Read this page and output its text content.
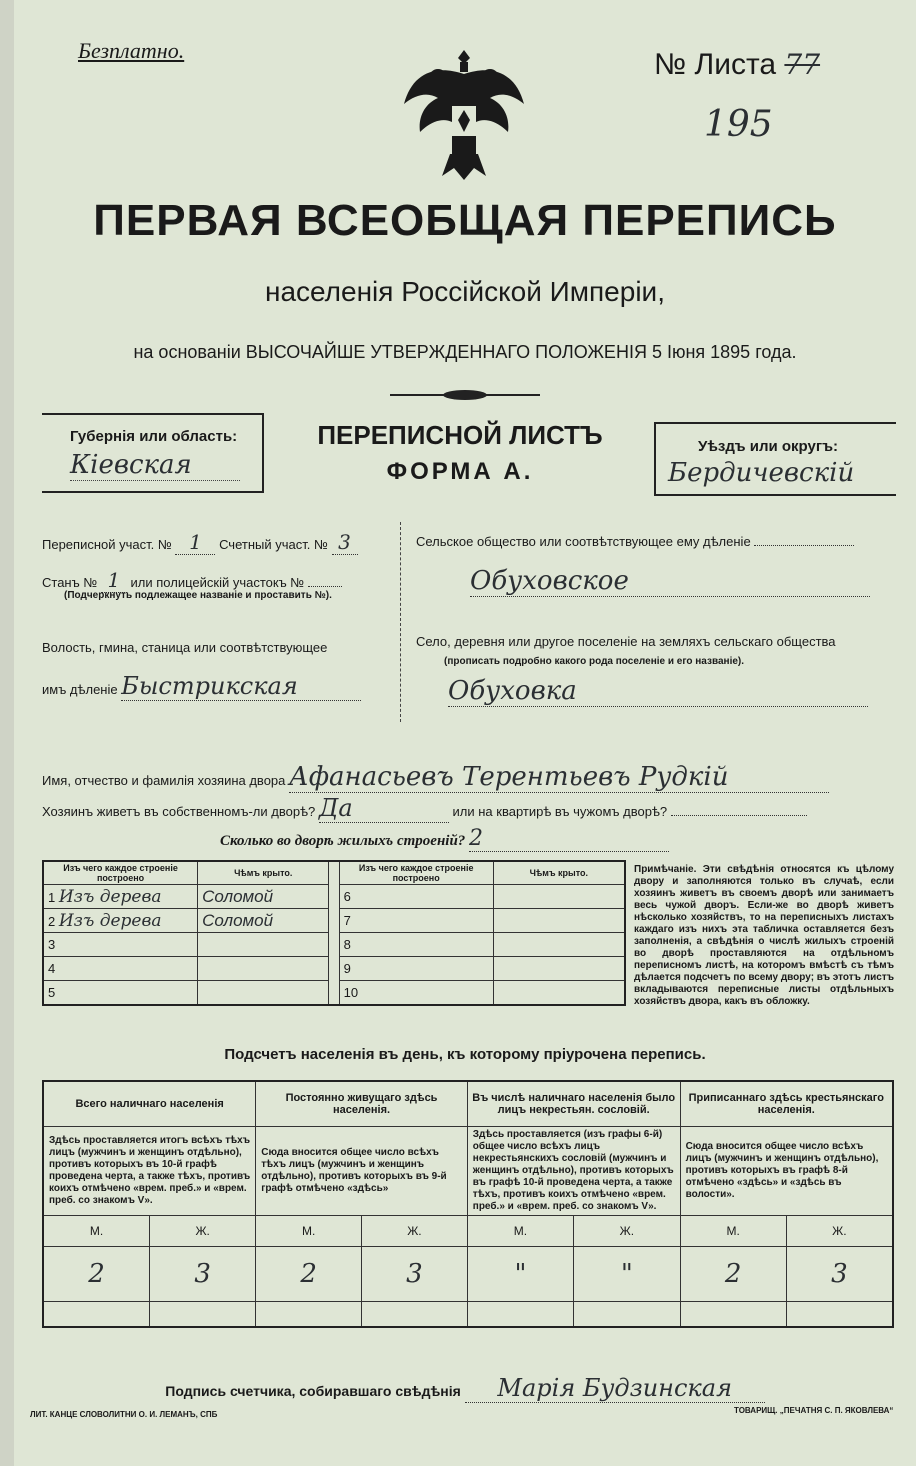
Безплатно.	№ Листа 77
195
ПЕРВАЯ ВСЕОБЩАЯ ПЕРЕПИСЬ
населенія Россійской Имперіи,
на основаніи ВЫСОЧАЙШЕ УТВЕРЖДЕННАГО ПОЛОЖЕНІЯ 5 Іюня 1895 года.
Губернія или область:
Кiевская
ПЕРЕПИСНОЙ ЛИСТЪ
ФОРМА А.
Уѣздъ или округъ:
Бердичевскiй
Переписной участ. № 1 Счетный участ. № 3
Станъ № 1 или полицейскій участокъ №
(Подчеркнуть подлежащее названіе и проставить №).
Волость, гмина, станица или соотвѣтствующее
имъ дѣленіе Быстрикская
Сельское общество или соотвѣтствующее ему дѣленіе
Обуховское
Село, деревня или другое поселеніе на земляхъ сельскаго общества
(прописать подробно какого рода поселеніе и его названіе).
Обуховка
Имя, отчество и фамилія хозяина двора Афанасьевъ Терентьевъ Рудкiй
Хозяинъ живетъ въ собственномъ-ли дворѣ? Да	или на квартирѣ въ чужомъ дворѣ?
Сколько во дворѣ жилыхъ строеній? 2
Изъ чего каждое строеніе построено	Чѣмъ крыто.		Изъ чего каждое строеніе построено	Чѣмъ крыто.
1 Изъ дерева	Соломой		6	
2 Изъ дерева	Соломой		7	
3			8	
4			9	
5			10	
Примѣчаніе. Эти свѣдѣнія относятся къ цѣлому двору и заполняются только въ случаѣ, если хозяинъ живетъ въ своемъ дворѣ или занимаетъ весь чужой дворъ. Если-же во дворѣ живетъ нѣсколько хозяйствъ, то на переписныхъ листахъ каждаго изъ нихъ эта табличка оставляется безъ заполненія, а свѣдѣнія о числѣ жилыхъ строеній во дворѣ проставляются на отдѣльномъ переписномъ листѣ, на которомъ вмѣстѣ съ тѣмъ дѣлается подсчетъ по всему двору; въ этотъ листъ вкладываются переписные листы отдѣльныхъ хозяйствъ двора, какъ въ обложку.
Подсчетъ населенія въ день, къ которому пріурочена перепись.
Всего наличнаго населенія		Постоянно живущаго здѣсь населенія.		Въ числѣ наличнаго населенія было лицъ некрестьян. сословій.		Приписаннаго здѣсь крестьянскаго населенія.	
Здѣсь проставляется итогъ всѣхъ тѣхъ лицъ (мужчинъ и женщинъ отдѣльно), противъ которыхъ въ 10-й графѣ проведена черта, а также тѣхъ, противъ коихъ отмѣчено «врем. преб.» и «врем. преб. со знакомъ V».		Сюда вносится общее число всѣхъ тѣхъ лицъ (мужчинъ и женщинъ отдѣльно), противъ которыхъ въ 9-й графѣ отмѣчено «здѣсь»		Здѣсь проставляется (изъ графы 6-й) общее число всѣхъ лицъ некрестьянскихъ сословій (мужчинъ и женщинъ отдѣльно), противъ которыхъ въ графѣ 10-й проведена черта, а также тѣхъ, противъ коихъ отмѣчено «врем. преб.» и «врем. преб. со знакомъ V».		Сюда вносится общее число всѣхъ лицъ (мужчинъ и женщинъ отдѣльно), противъ которыхъ въ графѣ 8-й отмѣчено «здѣсь» и «здѣсь въ волости».	
М.	Ж.	М.	Ж.	М.	Ж.	М.	Ж.
2	3	2	3	"	"	2	3

Подпись счетчика, собиравшаго свѣдѣнія Марiя Будзинская
ЛИТ. КАНЦЕ СЛОВОЛИТНИ О. И. ЛЕМАНЪ, СПБ	ТОВАРИЩ. „ПЕЧАТНЯ С. П. ЯКОВЛЕВА“
